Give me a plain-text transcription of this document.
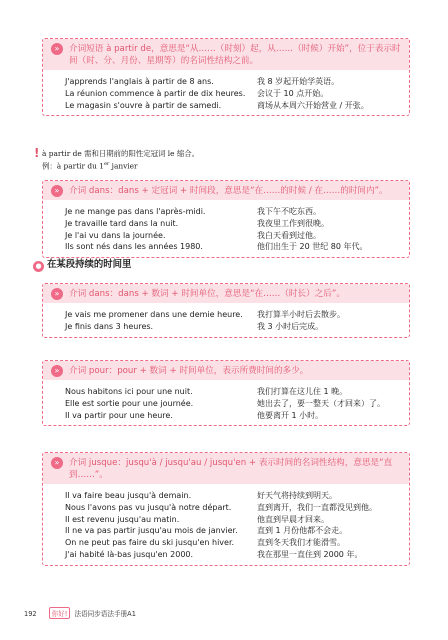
»	介词短语 à partir de，意思是“从……（时刻）起，从……（时候）开始”，位于表示时间（时、分、月份、星期等）的名词性结构之前。
J'apprends l'anglais à partir de 8 ans.	我 8 岁起开始学英语。
La réunion commence à partir de dix heures.	会议于 10 点开始。
Le magasin s'ouvre à partir de samedi.	商场从本周六开始营业 / 开张。
! à partir de 需和日期前的阳性定冠词 le 缩合。
例：à partir du 1er janvier
»	介词 dans：dans + 定冠词 + 时间段，意思是“在……的时候 / 在……的时间内”。
Je ne mange pas dans l'après-midi.	我下午不吃东西。
Je travaille tard dans la nuit.	我夜里工作到很晚。
Je l'ai vu dans la journée.	我白天看到过他。
Ils sont nés dans les années 1980.	他们出生于 20 世纪 80 年代。
● 在某段持续的时间里
»	介词 dans：dans + 数词 + 时间单位，意思是“在……（时长）之后”。
Je vais me promener dans une demie heure.	我打算半小时后去散步。
Je finis dans 3 heures.	我 3 小时后完成。
»	介词 pour：pour + 数词 + 时间单位，表示所费时间的多少。
Nous habitons ici pour une nuit.	我们打算在这儿住 1 晚。
Elle est sortie pour une journée.	她出去了，要一整天（才回来）了。
Il va partir pour une heure.	他要离开 1 小时。
»	介词 jusque：jusqu'à / jusqu'au / jusqu'en + 表示时间的名词性结构，意思是“直到……”。
Il va faire beau jusqu'à demain.	好天气将持续到明天。
Nous l'avons pas vu jusqu'à notre départ.	直到离开，我们一直都没见到他。
Il est revenu jusqu'au matin.	他直到早晨才回来。
Il ne va pas partir jusqu'au mois de janvier.	直到 1 月份他都不会走。
On ne peut pas faire du ski jusqu'en hiver.	直到冬天我们才能滑雪。
J'ai habité là-bas jusqu'en 2000.	我在那里一直住到 2000 年。
192 你好! 法语同步语法手册A1
